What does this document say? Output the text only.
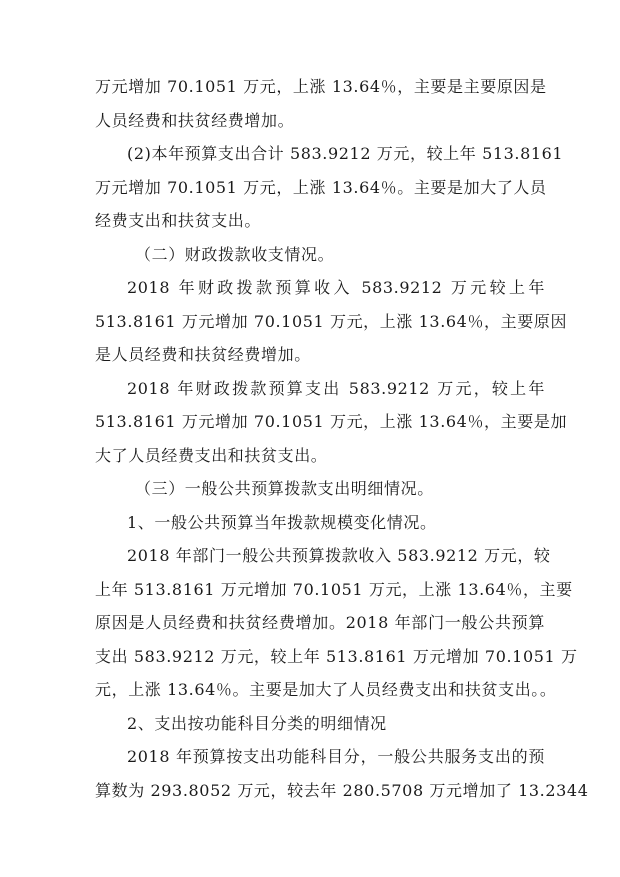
万元增加 70.1051 万元，上涨 13.64％，主要是主要原因是
人员经费和扶贫经费增加。
(2)本年预算支出合计 583.9212 万元，较上年 513.8161
万元增加 70.1051 万元，上涨 13.64％。主要是加大了人员
经费支出和扶贫支出。
（二）财政拨款收支情况。
2018 年财政拨款预算收入 583.9212 万元较上年
513.8161 万元增加 70.1051 万元，上涨 13.64％，主要原因
是人员经费和扶贫经费增加。
2018 年财政拨款预算支出 583.9212 万元，较上年
513.8161 万元增加 70.1051 万元，上涨 13.64％，主要是加
大了人员经费支出和扶贫支出。
（三）一般公共预算拨款支出明细情况。
1、一般公共预算当年拨款规模变化情况。
2018 年部门一般公共预算拨款收入 583.9212 万元，较
上年 513.8161 万元增加 70.1051 万元，上涨 13.64％，主要
原因是人员经费和扶贫经费增加。2018 年部门一般公共预算
支出 583.9212 万元，较上年 513.8161 万元增加 70.1051 万
元，上涨 13.64％。主要是加大了人员经费支出和扶贫支出。。
2、支出按功能科目分类的明细情况
2018 年预算按支出功能科目分，一般公共服务支出的预
算数为 293.8052 万元，较去年 280.5708 万元增加了 13.2344
